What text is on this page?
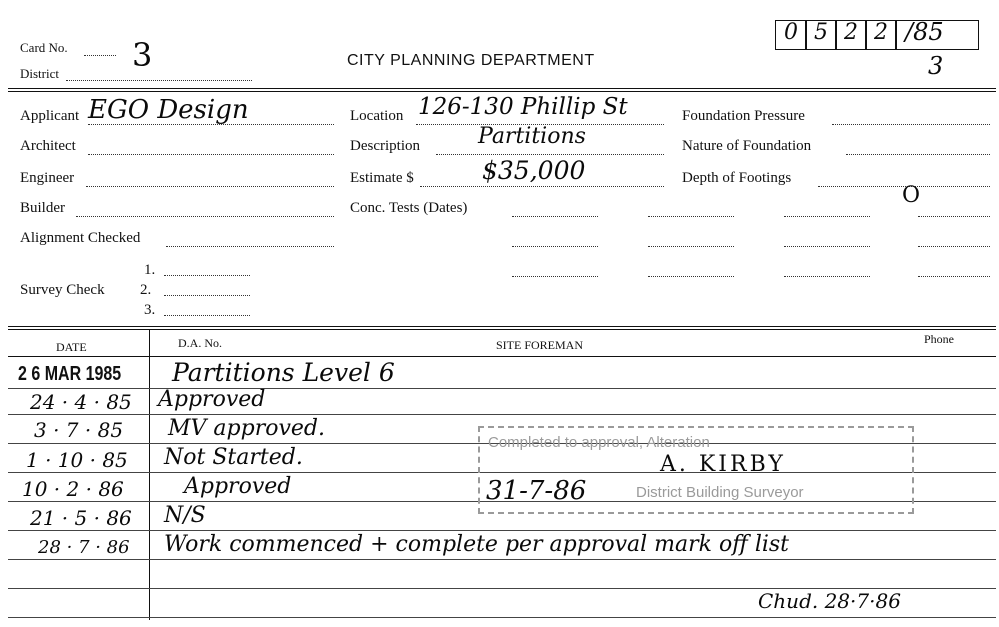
Card No. 3
District
CITY PLANNING DEPARTMENT
0 5 2 2 /85
3
Applicant EGO Design
Architect
Engineer
Builder
Alignment Checked
Survey Check
1.
2.
3.
Location 126-130 Phillip St
Description	Partitions
Estimate $	$35,000
Conc. Tests (Dates)
Foundation Pressure
Nature of Foundation
Depth of Footings
O
DATE	D.A. No.	SITE FOREMAN	Phone
2 6 MAR 1985 Partitions Level 6
24 · 4 · 85 Approved
3 · 7 · 85 MV approved.
1 · 10 · 85 Not Started.
10 · 2 · 86	Approved
21 · 5 · 86 N/S
28 · 7 · 86 Work commenced + complete per approval mark off list
Chud. 28·7·86
Completed to approval, Alteration
A. KIRBY
31-7-86	District Building Surveyor
